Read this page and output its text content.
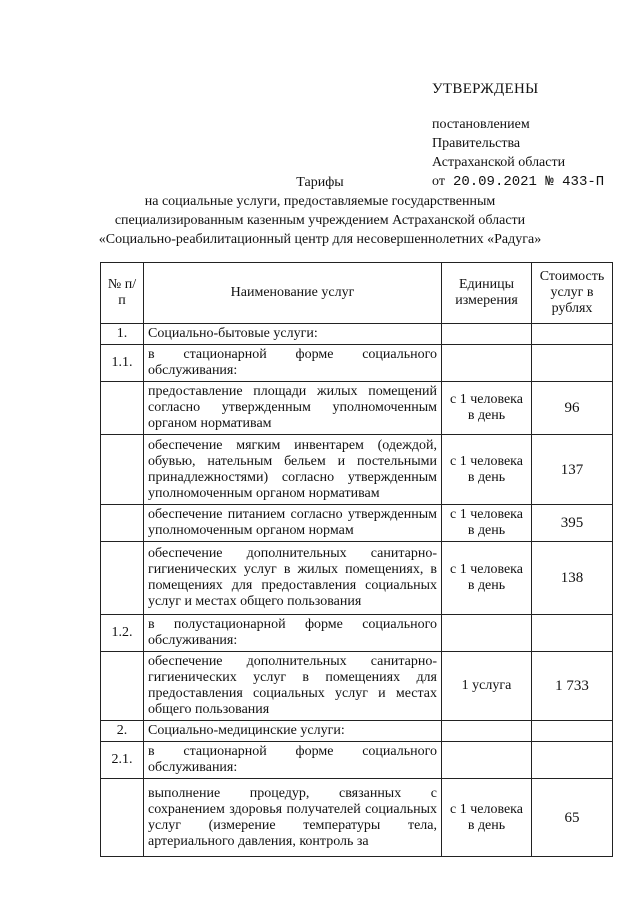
УТВЕРЖДЕНЫ
постановлением
Правительства
Астраханской области
от 20.09.2021 № 433-П
Тарифы
на социальные услуги, предоставляемые государственным
специализированным казенным учреждением Астраханской области
«Социально-реабилитационный центр для несовершеннолетних «Радуга»
№ п/п	Наименование услуг	Единицы измерения	Стоимость услуг в рублях
1.	Социально-бытовые услуги:		
1.1.	в стационарной форме социального обслуживания:		
	предоставление площади жилых помещений согласно утвержденным уполномоченным органом нормативам	с 1 человека в день	96
	обеспечение мягким инвентарем (одеждой, обувью, нательным бельем и постельными принадлежностями) согласно утвержденным уполномоченным органом нормативам	с 1 человека в день	137
	обеспечение питанием согласно утвержденным уполномоченным органом нормам	с 1 человека в день	395
	обеспечение дополнительных санитарно-гигиенических услуг в жилых помещениях, в помещениях для предоставления социальных услуг и местах общего пользования	с 1 человека в день	138
1.2.	в полустационарной форме социального обслуживания:		
	обеспечение дополнительных санитарно-гигиенических услуг в помещениях для предоставления социальных услуг и местах общего пользования	1 услуга	1 733
2.	Социально-медицинские услуги:		
2.1.	в стационарной форме социального обслуживания:		
	выполнение процедур, связанных с сохранением здоровья получателей социальных услуг (измерение температуры тела, артериального давления, контроль за	с 1 человека в день	65
